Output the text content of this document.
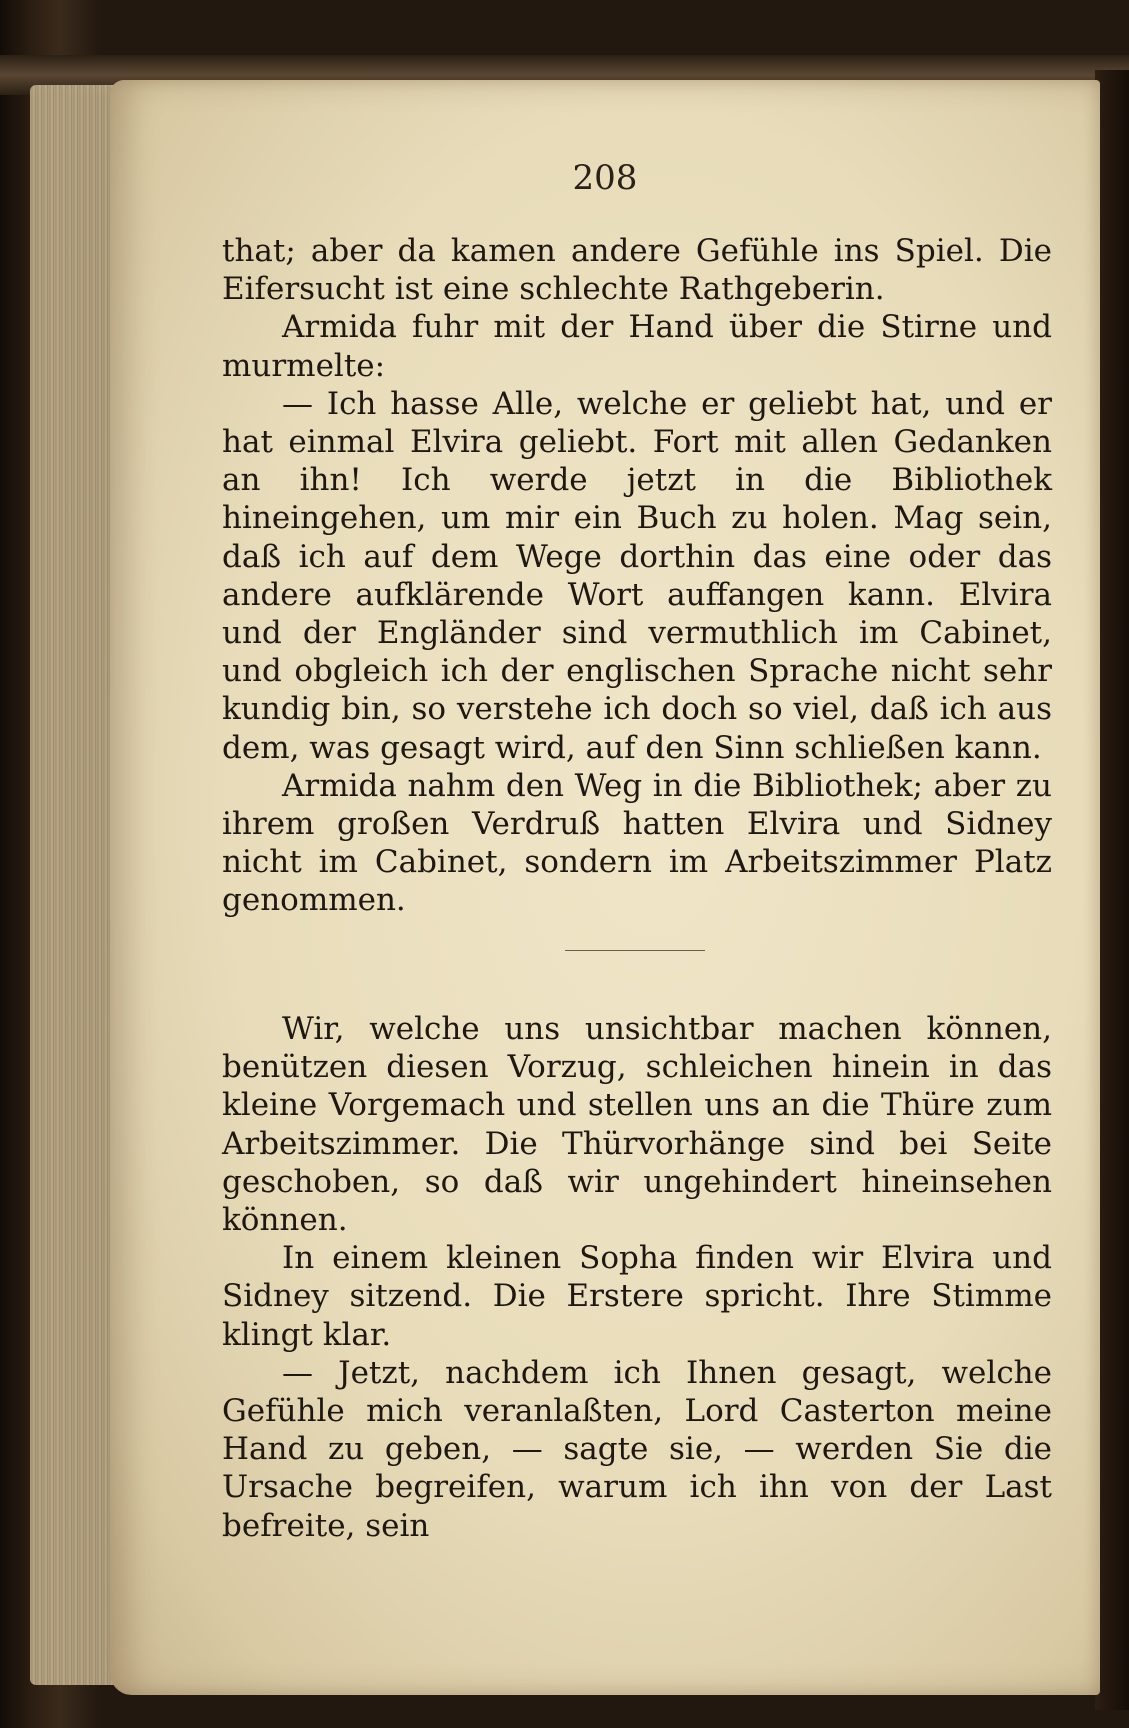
208

that; aber da kamen andere Gefühle ins Spiel. Die Eifersucht ist eine schlechte Rathgeberin.

Armida fuhr mit der Hand über die Stirne und murmelte:

— Ich hasse Alle, welche er geliebt hat, und er hat einmal Elvira geliebt. Fort mit allen Gedanken an ihn! Ich werde jetzt in die Bibliothek hineingehen, um mir ein Buch zu holen. Mag sein, daß ich auf dem Wege dorthin das eine oder das andere aufklärende Wort auffangen kann. Elvira und der Engländer sind vermuthlich im Cabinet, und obgleich ich der englischen Sprache nicht sehr kundig bin, so verstehe ich doch so viel, daß ich aus dem, was gesagt wird, auf den Sinn schließen kann.

Armida nahm den Weg in die Bibliothek; aber zu ihrem großen Verdruß hatten Elvira und Sidney nicht im Cabinet, sondern im Arbeitszimmer Platz genommen.

Wir, welche uns unsichtbar machen können, benützen diesen Vorzug, schleichen hinein in das kleine Vorgemach und stellen uns an die Thüre zum Arbeitszimmer. Die Thürvorhänge sind bei Seite geschoben, so daß wir ungehindert hineinsehen können.

In einem kleinen Sopha finden wir Elvira und Sidney sitzend. Die Erstere spricht. Ihre Stimme klingt klar.

— Jetzt, nachdem ich Ihnen gesagt, welche Gefühle mich veranlaßten, Lord Casterton meine Hand zu geben, — sagte sie, — werden Sie die Ursache begreifen, warum ich ihn von der Last befreite, sein
